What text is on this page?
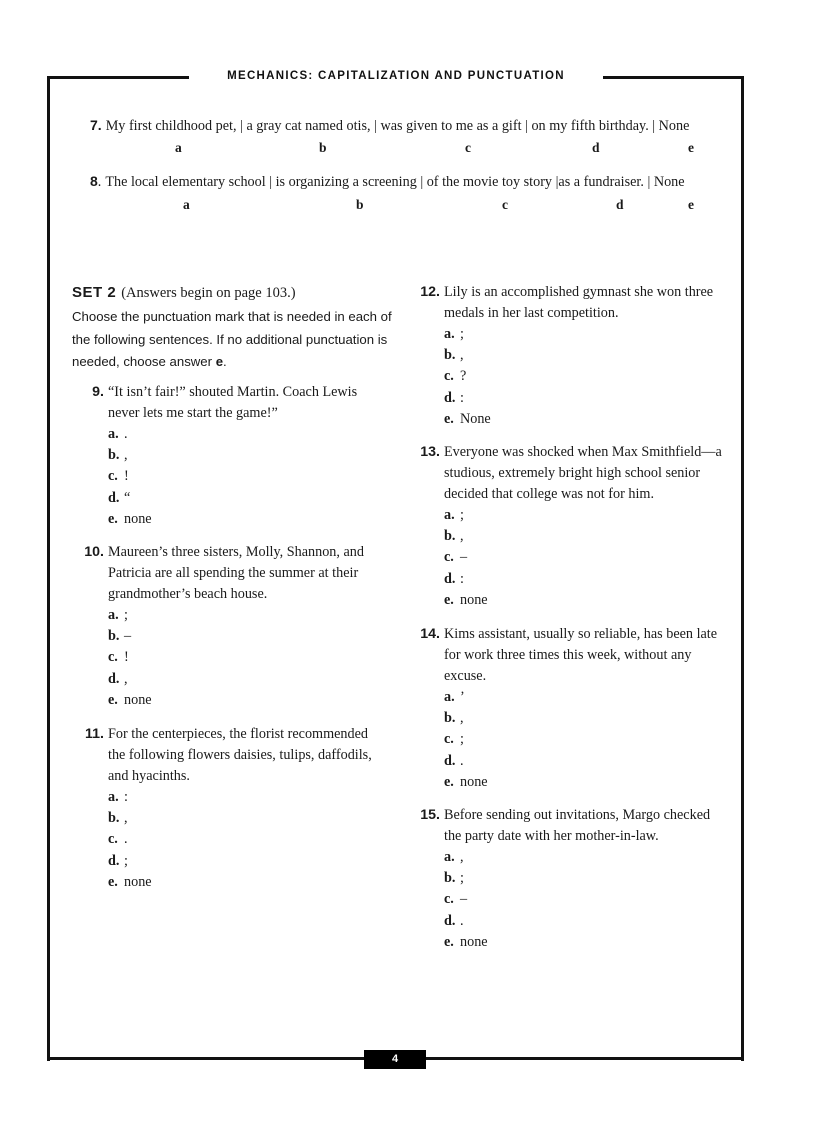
MECHANICS: CAPITALIZATION AND PUNCTUATION
4
7. My first childhood pet, | a gray cat named otis, | was given to me as a gift | on my fifth birthday. | None
a	b	c	d	e
8. The local elementary school | is organizing a screening | of the movie toy story |as a fundraiser. | None
a	b	c	d	e
SET 2 (Answers begin on page 103.)
Choose the punctuation mark that is needed in each of the following sentences. If no additional punctuation is needed, choose answer e.
9. “It isn’t fair!” shouted Martin. Coach Lewis never lets me start the game!”
a. .
b. ,
c. !
d. “
e. none
10. Maureen’s three sisters, Molly, Shannon, and Patricia are all spending the summer at their grandmother’s beach house.
a. ;
b. –
c. !
d. ,
e. none
11. For the centerpieces, the florist recommended the following flowers daisies, tulips, daffodils, and hyacinths.
a. :
b. ,
c. .
d. ;
e. none
12. Lily is an accomplished gymnast she won three medals in her last competition.
a. ;
b. ,
c. ?
d. :
e. None
13. Everyone was shocked when Max Smithfield—a studious, extremely bright high school senior decided that college was not for him.
a. ;
b. ,
c. –
d. :
e. none
14. Kims assistant, usually so reliable, has been late for work three times this week, without any excuse.
a. ’
b. ,
c. ;
d. .
e. none
15. Before sending out invitations, Margo checked the party date with her mother-in-law.
a. ,
b. ;
c. –
d. .
e. none
